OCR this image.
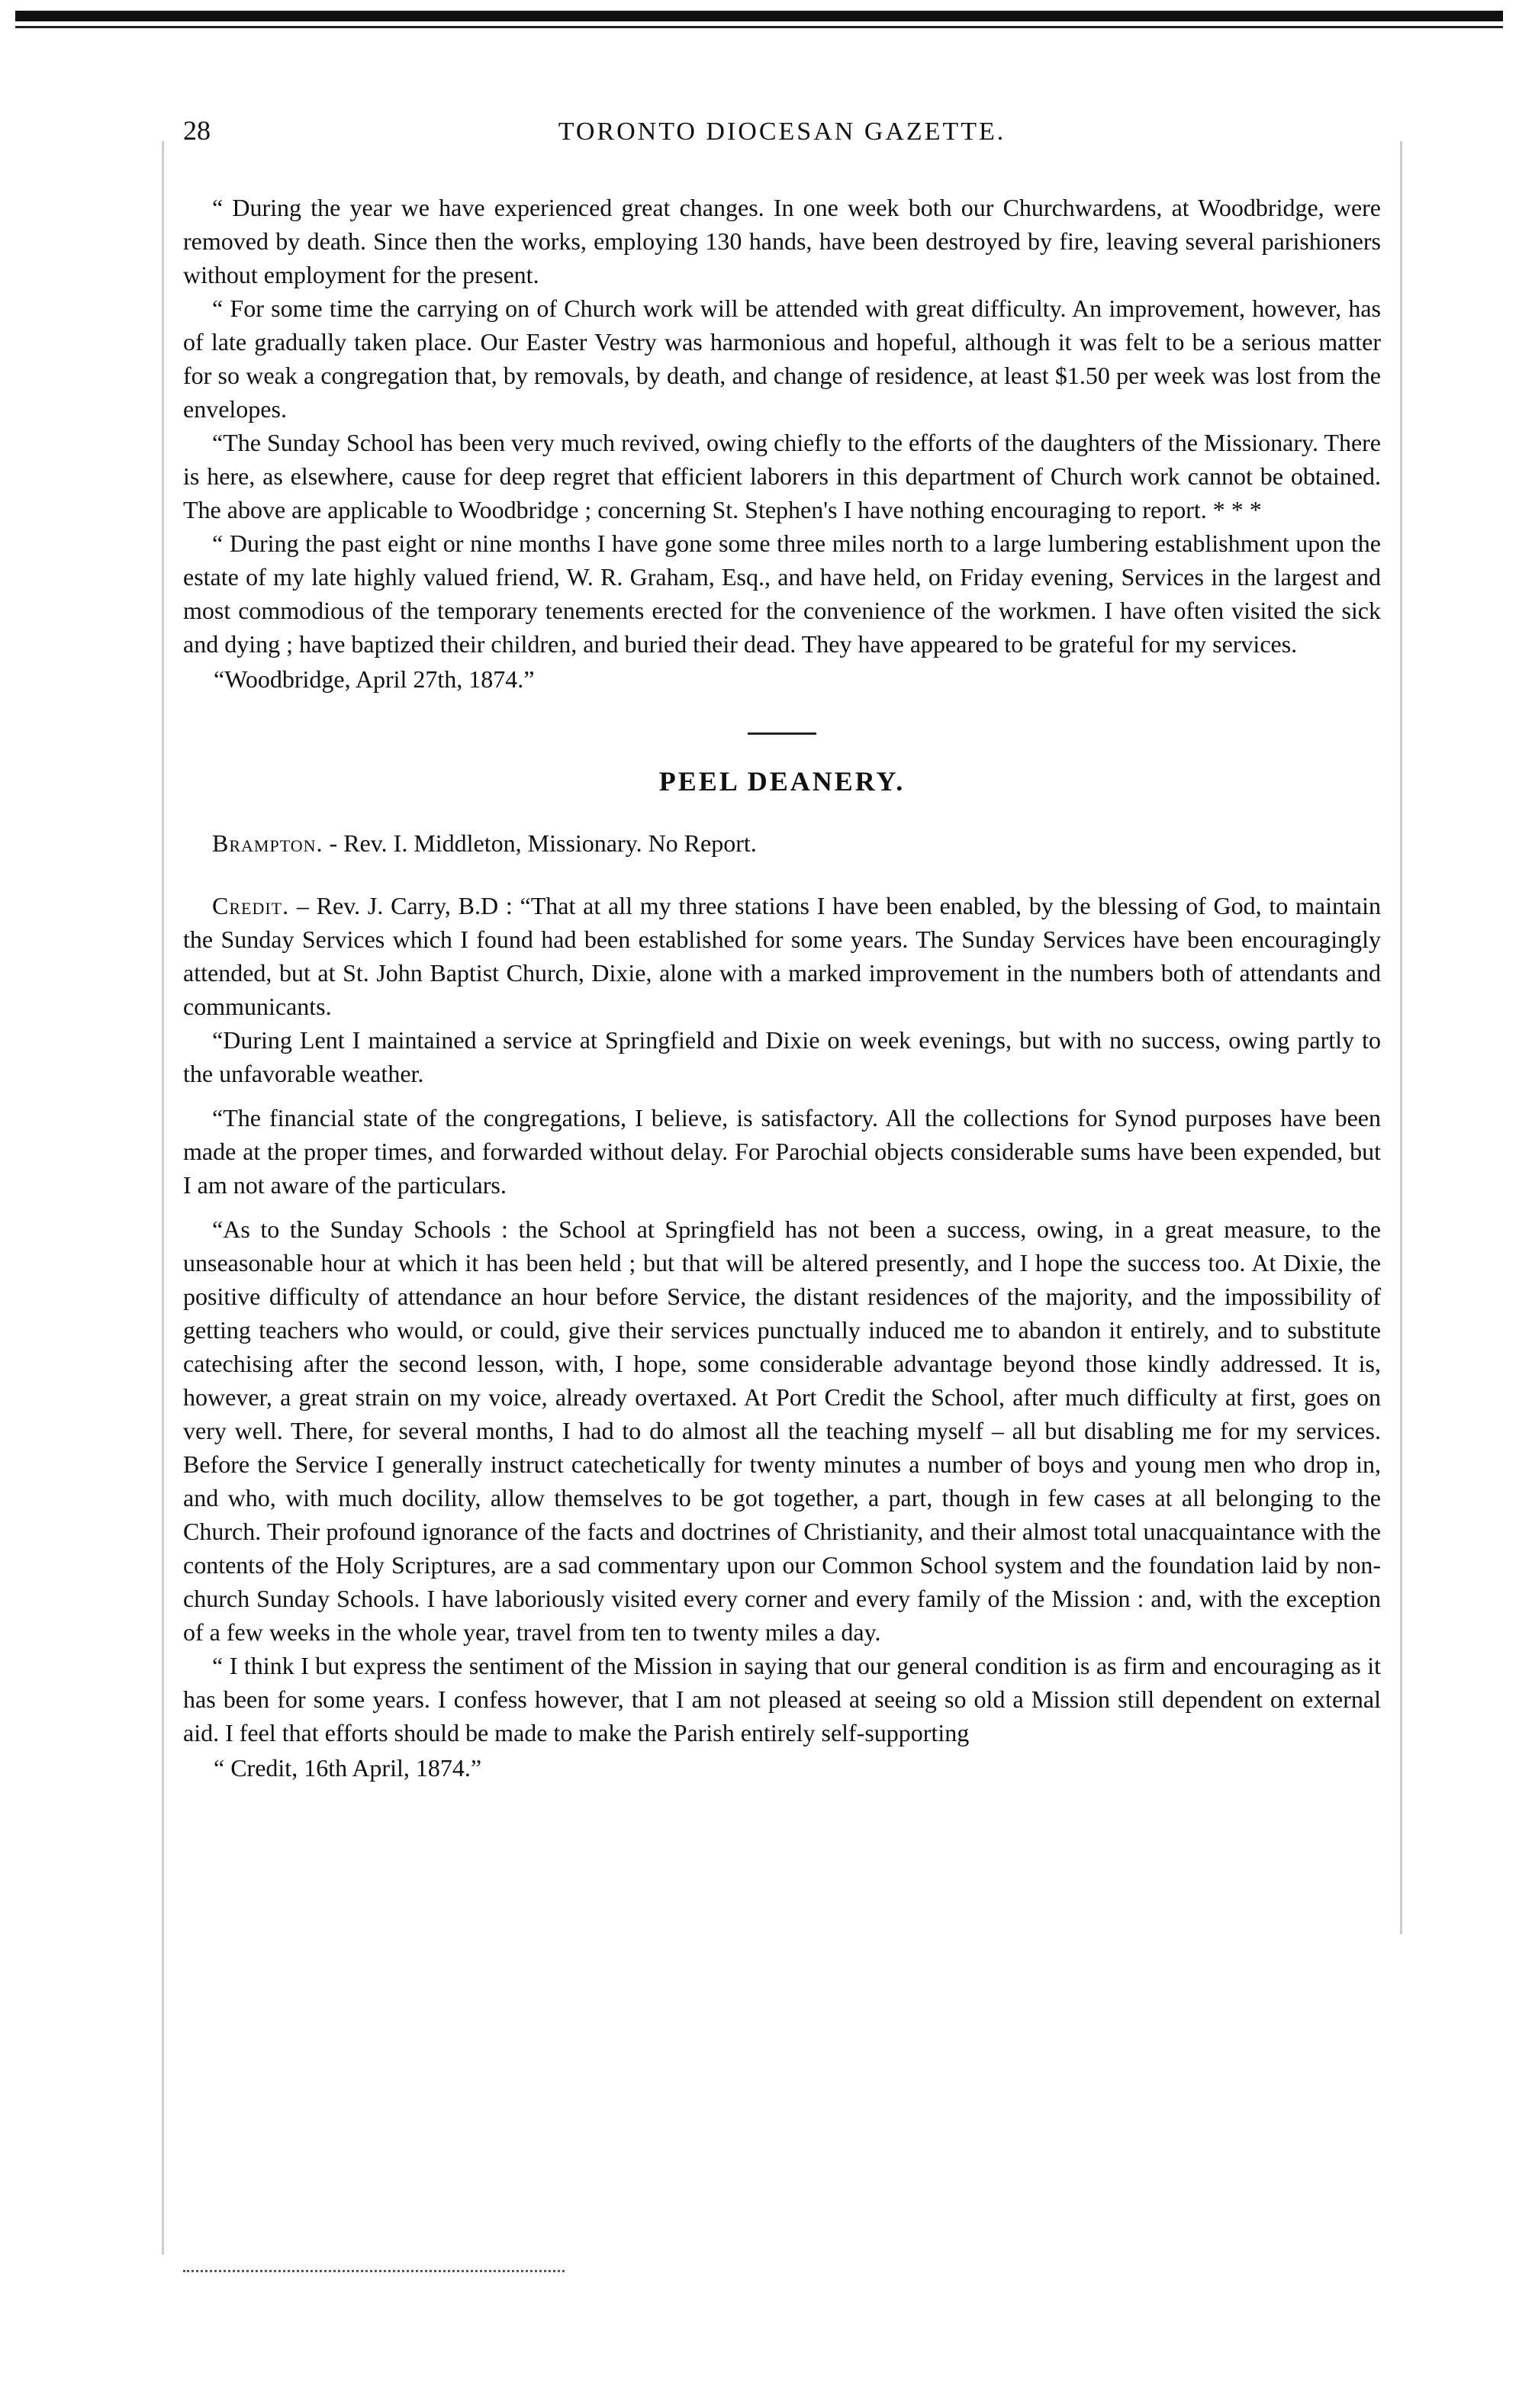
28	TORONTO DIOCESAN GAZETTE.

“ During the year we have experienced great changes. In one week both our Churchwardens, at Woodbridge, were removed by death. Since then the works, employing 130 hands, have been destroyed by fire, leaving several parishioners without employment for the present.

“ For some time the carrying on of Church work will be attended with great difficulty. An improvement, however, has of late gradually taken place. Our Easter Vestry was harmonious and hopeful, although it was felt to be a serious matter for so weak a congregation that, by removals, by death, and change of residence, at least $1.50 per week was lost from the envelopes.

“The Sunday School has been very much revived, owing chiefly to the efforts of the daughters of the Missionary. There is here, as elsewhere, cause for deep regret that efficient laborers in this department of Church work cannot be obtained. The above are applicable to Woodbridge ; concerning St. Stephen's I have nothing encouraging to report. * * *

“ During the past eight or nine months I have gone some three miles north to a large lumbering establishment upon the estate of my late highly valued friend, W. R. Graham, Esq., and have held, on Friday evening, Services in the largest and most commodious of the temporary tenements erected for the convenience of the workmen. I have often visited the sick and dying ; have baptized their children, and buried their dead. They have appeared to be grateful for my services.

“Woodbridge, April 27th, 1874.”

PEEL DEANERY.

Brampton. - Rev. I. Middleton, Missionary. No Report.

Credit. – Rev. J. Carry, B.D : “That at all my three stations I have been enabled, by the blessing of God, to maintain the Sunday Services which I found had been established for some years. The Sunday Services have been encouragingly attended, but at St. John Baptist Church, Dixie, alone with a marked improvement in the numbers both of attendants and communicants.

“During Lent I maintained a service at Springfield and Dixie on week evenings, but with no success, owing partly to the unfavorable weather.

“The financial state of the congregations, I believe, is satisfactory. All the collections for Synod purposes have been made at the proper times, and forwarded without delay. For Parochial objects considerable sums have been expended, but I am not aware of the particulars.

“As to the Sunday Schools : the School at Springfield has not been a success, owing, in a great measure, to the unseasonable hour at which it has been held ; but that will be altered presently, and I hope the success too. At Dixie, the positive difficulty of attendance an hour before Service, the distant residences of the majority, and the impossibility of getting teachers who would, or could, give their services punctually induced me to abandon it entirely, and to substitute catechising after the second lesson, with, I hope, some considerable advantage beyond those kindly addressed. It is, however, a great strain on my voice, already overtaxed. At Port Credit the School, after much difficulty at first, goes on very well. There, for several months, I had to do almost all the teaching myself – all but disabling me for my services. Before the Service I generally instruct catechetically for twenty minutes a number of boys and young men who drop in, and who, with much docility, allow themselves to be got together, a part, though in few cases at all belonging to the Church. Their profound ignorance of the facts and doctrines of Christianity, and their almost total unacquaintance with the contents of the Holy Scriptures, are a sad commentary upon our Common School system and the foundation laid by non-church Sunday Schools. I have laboriously visited every corner and every family of the Mission : and, with the exception of a few weeks in the whole year, travel from ten to twenty miles a day.

“ I think I but express the sentiment of the Mission in saying that our general condition is as firm and encouraging as it has been for some years. I confess however, that I am not pleased at seeing so old a Mission still dependent on external aid. I feel that efforts should be made to make the Parish entirely self-supporting

“ Credit, 16th April, 1874.”
